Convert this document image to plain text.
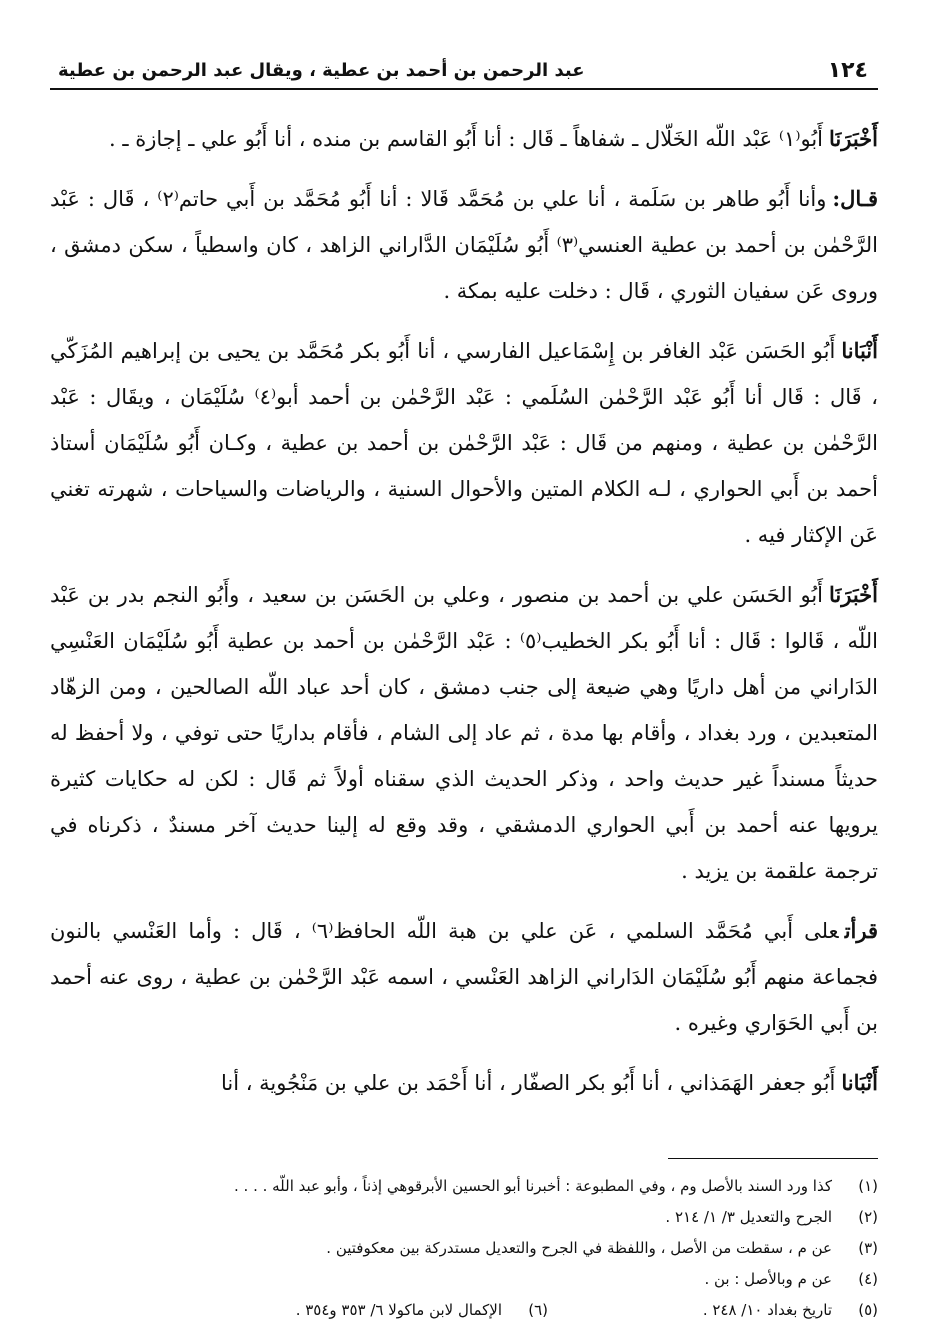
١٢٤
عبد الرحمن بن أحمد بن عطية ، ويقال عبد الرحمن بن عطية

أَخْبَرَنَاأَبُو⁽١⁾ عَبْد اللّه الخَلّال ـ شفاهاً ـ قَال : أنا أَبُو القاسم بن منده ، أنا أَبُو علي ـ إجازة ـ .

قـال:وأنا أَبُو طاهر بن سَلَمة ، أنا علي بن مُحَمَّد قَالا : أنا أَبُو مُحَمَّد بن أَبي حاتم⁽٢⁾ ، قَال : عَبْد الرَّحْمٰن بن أحمد بن عطية العنسي⁽٣⁾ أَبُو سُلَيْمَان الدَّاراني الزاهد ، كان واسطياً ، سكن دمشق ، وروى عَن سفيان الثوري ، قَال : دخلت عليه بمكة .

أَنْبَاناأَبُو الحَسَن عَبْد الغافر بن إِسْمَاعيل الفارسي ، أنا أَبُو بكر مُحَمَّد بن يحيى بن إبراهيم المُزَكّي ، قَال : قَال أنا أَبُو عَبْد الرَّحْمٰن السُلَمي : عَبْد الرَّحْمٰن بن أحمد أبو⁽٤⁾ سُلَيْمَان ، ويقَال : عَبْد الرَّحْمٰن بن عطية ، ومنهم من قَال : عَبْد الرَّحْمٰن بن أحمد بن عطية ، وكـان أَبُو سُلَيْمَان أستاذ أحمد بن أَبي الحواري ، لـه الكلام المتين والأحوال السنية ، والرياضات والسياحات ، شهرته تغني عَن الإكثار فيه .

أَخْبَرَنَاأَبُو الحَسَن علي بن أحمد بن منصور ، وعلي بن الحَسَن بن سعيد ، وأَبُو النجم بدر بن عَبْد اللّه ، قَالوا : قَال : أنا أَبُو بكر الخطيب⁽٥⁾ : عَبْد الرَّحْمٰن بن أحمد بن عطية أَبُو سُلَيْمَان العَنْسِي الدَاراني من أهل داريًا وهي ضيعة إلى جنب دمشق ، كان أحد عباد اللّه الصالحين ، ومن الزهّاد المتعبدين ، ورد بغداد ، وأقام بها مدة ، ثم عاد إلى الشام ، فأقام بداريًا حتى توفي ، ولا أحفظ له حديثاً مسنداً غير حديث واحد ، وذكر الحديث الذي سقناه أولاً ثم قَال : لكن له حكايات كثيرة يرويها عنه أحمد بن أَبي الحواري الدمشقي ، وقد وقع له إلينا حديث آخر مسندٌ ، ذكرناه في ترجمة علقمة بن يزيد .

قرأتعلى أَبي مُحَمَّد السلمي ، عَن علي بن هبة اللّه الحافظ⁽٦⁾ ، قَال : وأما العَنْسي بالنون فجماعة منهم أَبُو سُلَيْمَان الدَاراني الزاهد العَنْسي ، اسمه عَبْد الرَّحْمٰن بن عطية ، روى عنه أحمد بن أَبي الحَوَاري وغيره .

أَنْبَاناأَبُو جعفر الهَمَذاني ، أنا أَبُو بكر الصفّار ، أنا أَحْمَد بن علي بن مَنْجُوية ، أنا

(١)
كذا ورد السند بالأصل وم ، وفي المطبوعة : أخبرنا أبو الحسين الأبرقوهي إذناً ، وأبو عبد اللّه . . . .
(٢)
الجرح والتعديل ٣/ ١/ ٢١٤ .
(٣)
عن م ، سقطت من الأصل ، واللفظة في الجرح والتعديل مستدركة بين معكوفتين .
(٤)
عن م وبالأصل : بن .
(٥)
تاريخ بغداد ١٠/ ٢٤٨ .
(٦)
الإكمال لابن ماكولا ٦/ ٣٥٣ و٣٥٤ .
